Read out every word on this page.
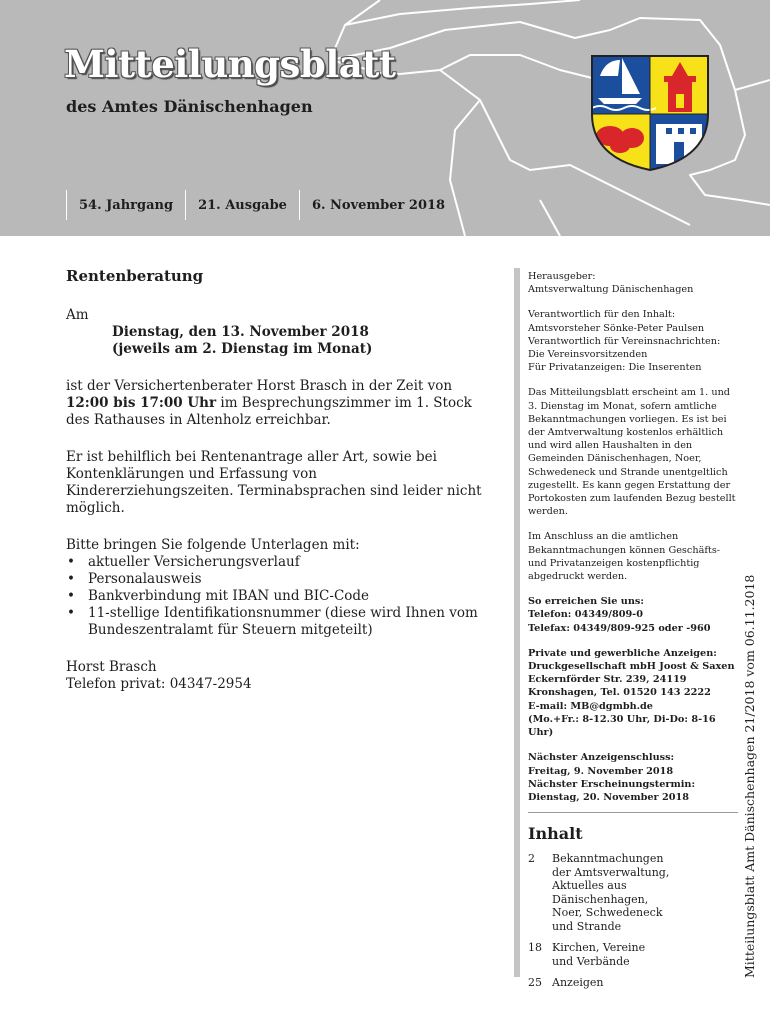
Mitteilungsblatt
des Amtes Dänischenhagen
54. Jahrgang	21. Ausgabe	6. November 2018
Rentenberatung

Am

Dienstag, den 13. November 2018

(jeweils am 2. Dienstag im Monat)

ist der Versichertenberater Horst Brasch in der Zeit von 12:00 bis 17:00 Uhr im Besprechungszimmer im 1. Stock des Rathauses in Altenholz erreichbar.

Er ist behilflich bei Rentenantrage aller Art, sowie bei Kontenklärungen und Erfassung von Kindererziehungszeiten. Terminabsprachen sind leider nicht möglich.

Bitte bringen Sie folgende Unterlagen mit:

• aktueller Versicherungsverlauf
• Personalausweis
• Bankverbindung mit IBAN und BIC-Code
• 11-stellige Identifikationsnummer (diese wird Ihnen vom Bundeszentralamt für Steuern mitgeteilt)

Horst Brasch

Telefon privat: 04347-2954

Herausgeber:
Amtsverwaltung Dänischenhagen
Verantwortlich für den Inhalt:
Amtsvorsteher Sönke-Peter Paulsen
Verantwortlich für Vereinsnachrichten:
Die Vereinsvorsitzenden
Für Privatanzeigen: Die Inserenten
Das Mitteilungsblatt erscheint am 1. und 3. Dienstag im Monat, sofern amtliche Bekanntmachungen vorliegen. Es ist bei der Amtverwaltung kostenlos erhältlich und wird allen Haushalten in den Gemeinden Dänischenhagen, Noer, Schwedeneck und Strande unentgeltlich zugestellt. Es kann gegen Erstattung der Portokosten zum laufenden Bezug bestellt werden.
Im Anschluss an die amtlichen Bekanntmachungen können Geschäfts- und Privatanzeigen kostenpflichtig abgedruckt werden.
So erreichen Sie uns:
Telefon: 04349/809-0
Telefax: 04349/809-925 oder -960
Private und gewerbliche Anzeigen:
Druckgesellschaft mbH Joost & Saxen
Eckernförder Str. 239, 24119 Kronshagen, Tel. 01520 143 2222
E-mail: MB@dgmbh.de
(Mo.+Fr.: 8-12.30 Uhr, Di-Do: 8-16 Uhr)
Nächster Anzeigenschluss:
Freitag, 9. November 2018
Nächster Erscheinungstermin:
Dienstag, 20. November 2018
Inhalt
2	Bekanntmachungen
der Amtsverwaltung,
Aktuelles aus
Dänischenhagen,
Noer, Schwedeneck
und Strande
18 Kirchen, Vereine
und Verbände
25 Anzeigen
Mitteilungsblatt Amt Dänischenhagen 21/2018 vom 06.11.2018
